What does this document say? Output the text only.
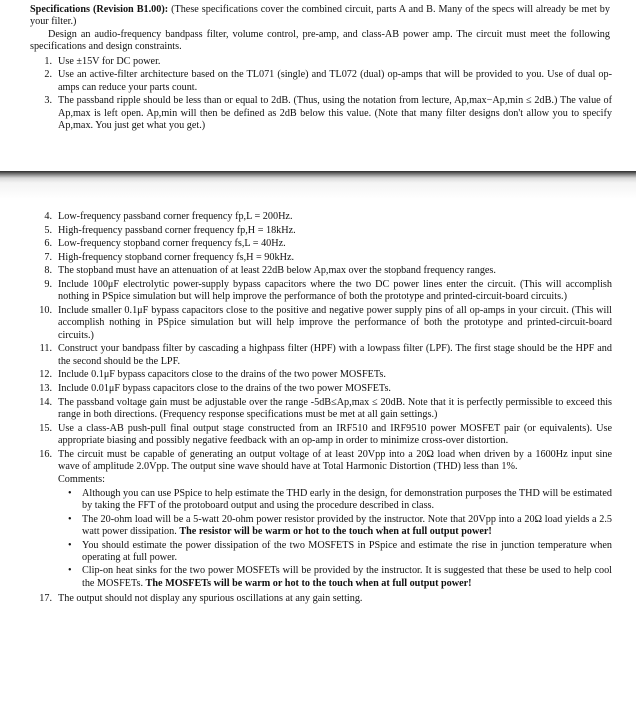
Specifications (Revision B1.00): (These specifications cover the combined circuit, parts A and B. Many of the specs will already be met by your filter.)

Design an audio-frequency bandpass filter, volume control, pre-amp, and class-AB power amp. The circuit must meet the following specifications and design constraints.

1. Use ±15V for DC power.
2. Use an active-filter architecture based on the TL071 (single) and TL072 (dual) op-amps that will be provided to you. Use of dual op-amps can reduce your parts count.
3. The passband ripple should be less than or equal to 2dB. (Thus, using the notation from lecture, Ap,max−Ap,min ≤ 2dB.) The value of Ap,max is left open. Ap,min will then be defined as 2dB below this value. (Note that many filter designs don't allow you to specify Ap,max. You just get what you get.)
4. Low-frequency passband corner frequency fp,L = 200Hz.
5. High-frequency passband corner frequency fp,H = 18kHz.
6. Low-frequency stopband corner frequency fs,L = 40Hz.
7. High-frequency stopband corner frequency fs,H = 90kHz.
8. The stopband must have an attenuation of at least 22dB below Ap,max over the stopband frequency ranges.
9. Include 100μF electrolytic power-supply bypass capacitors where the two DC power lines enter the circuit. (This will accomplish nothing in PSpice simulation but will help improve the performance of both the prototype and printed-circuit-board circuits.)
10. Include smaller 0.1μF bypass capacitors close to the positive and negative power supply pins of all op-amps in your circuit. (This will accomplish nothing in PSpice simulation but will help improve the performance of both the prototype and printed-circuit-board circuits.)
11. Construct your bandpass filter by cascading a highpass filter (HPF) with a lowpass filter (LPF). The first stage should be the HPF and the second should be the LPF.
12. Include 0.1μF bypass capacitors close to the drains of the two power MOSFETs.
13. Include 0.01μF bypass capacitors close to the drains of the two power MOSFETs.
14. The passband voltage gain must be adjustable over the range -5dB≤Ap,max ≤ 20dB. Note that it is perfectly permissible to exceed this range in both directions. (Frequency response specifications must be met at all gain settings.)
15. Use a class-AB push-pull final output stage constructed from an IRF510 and IRF9510 power MOSFET pair (or equivalents). Use appropriate biasing and possibly negative feedback with an op-amp in order to minimize cross-over distortion.
16. The circuit must be capable of generating an output voltage of at least 20Vpp into a 20Ω load when driven by a 1600Hz input sine wave of amplitude 2.0Vpp. The output sine wave should have at Total Harmonic Distortion (THD) less than 1%.
Comments:
• Although you can use PSpice to help estimate the THD early in the design, for demonstration purposes the THD will be estimated by taking the FFT of the protoboard output and using the procedure described in class.
• The 20-ohm load will be a 5-watt 20-ohm power resistor provided by the instructor. Note that 20Vpp into a 20Ω load yields a 2.5 watt power dissipation. The resistor will be warm or hot to the touch when at full output power!
• You should estimate the power dissipation of the two MOSFETS in PSpice and estimate the rise in junction temperature when operating at full power.
• Clip-on heat sinks for the two power MOSFETs will be provided by the instructor. It is suggested that these be used to help cool the MOSFETs. The MOSFETs will be warm or hot to the touch when at full output power!
17. The output should not display any spurious oscillations at any gain setting.
